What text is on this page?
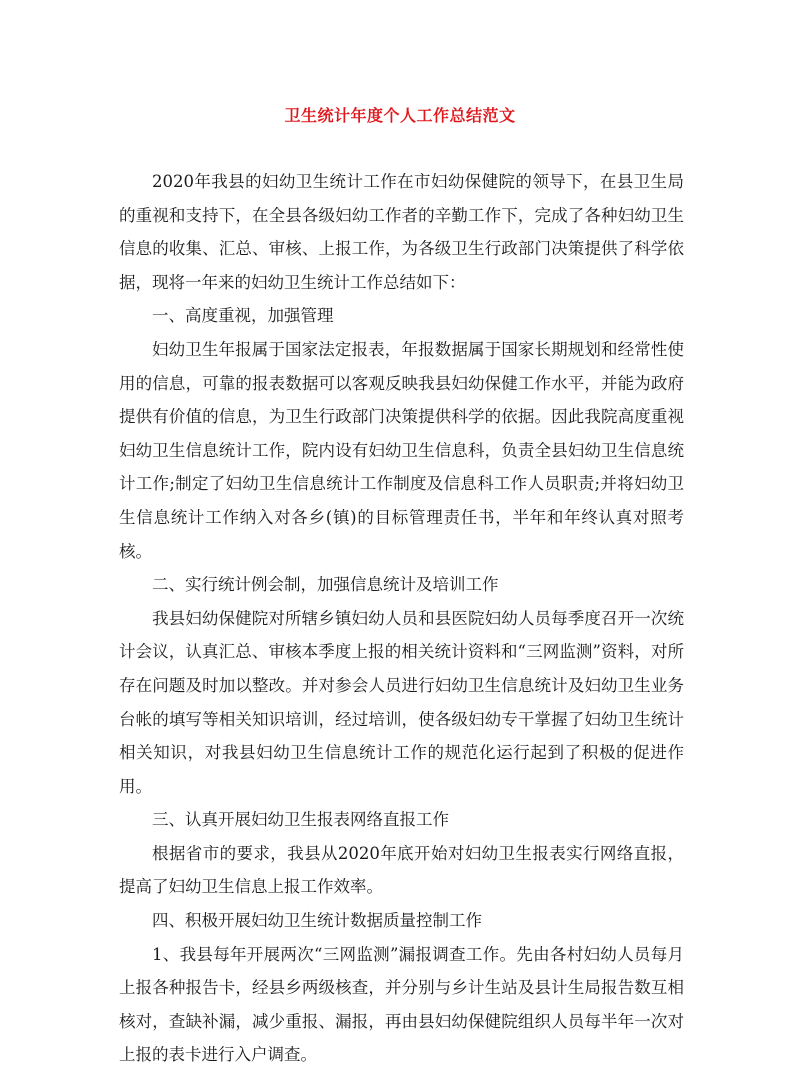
卫生统计年度个人工作总结范文

2020年我县的妇幼卫生统计工作在市妇幼保健院的领导下，在县卫生局的重视和支持下，在全县各级妇幼工作者的辛勤工作下，完成了各种妇幼卫生信息的收集、汇总、审核、上报工作，为各级卫生行政部门决策提供了科学依据，现将一年来的妇幼卫生统计工作总结如下：

一、高度重视，加强管理

妇幼卫生年报属于国家法定报表，年报数据属于国家长期规划和经常性使用的信息，可靠的报表数据可以客观反映我县妇幼保健工作水平，并能为政府提供有价值的信息，为卫生行政部门决策提供科学的依据。因此我院高度重视妇幼卫生信息统计工作，院内设有妇幼卫生信息科，负责全县妇幼卫生信息统计工作;制定了妇幼卫生信息统计工作制度及信息科工作人员职责;并将妇幼卫生信息统计工作纳入对各乡(镇)的目标管理责任书，半年和年终认真对照考核。

二、实行统计例会制，加强信息统计及培训工作

我县妇幼保健院对所辖乡镇妇幼人员和县医院妇幼人员每季度召开一次统计会议，认真汇总、审核本季度上报的相关统计资料和“三网监测”资料，对所存在问题及时加以整改。并对参会人员进行妇幼卫生信息统计及妇幼卫生业务台帐的填写等相关知识培训，经过培训，使各级妇幼专干掌握了妇幼卫生统计相关知识，对我县妇幼卫生信息统计工作的规范化运行起到了积极的促进作用。

三、认真开展妇幼卫生报表网络直报工作

根据省市的要求，我县从2020年底开始对妇幼卫生报表实行网络直报，提高了妇幼卫生信息上报工作效率。

四、积极开展妇幼卫生统计数据质量控制工作

1、我县每年开展两次“三网监测”漏报调查工作。先由各村妇幼人员每月上报各种报告卡，经县乡两级核查，并分别与乡计生站及县计生局报告数互相核对，查缺补漏，减少重报、漏报，再由县妇幼保健院组织人员每半年一次对上报的表卡进行入户调查。
